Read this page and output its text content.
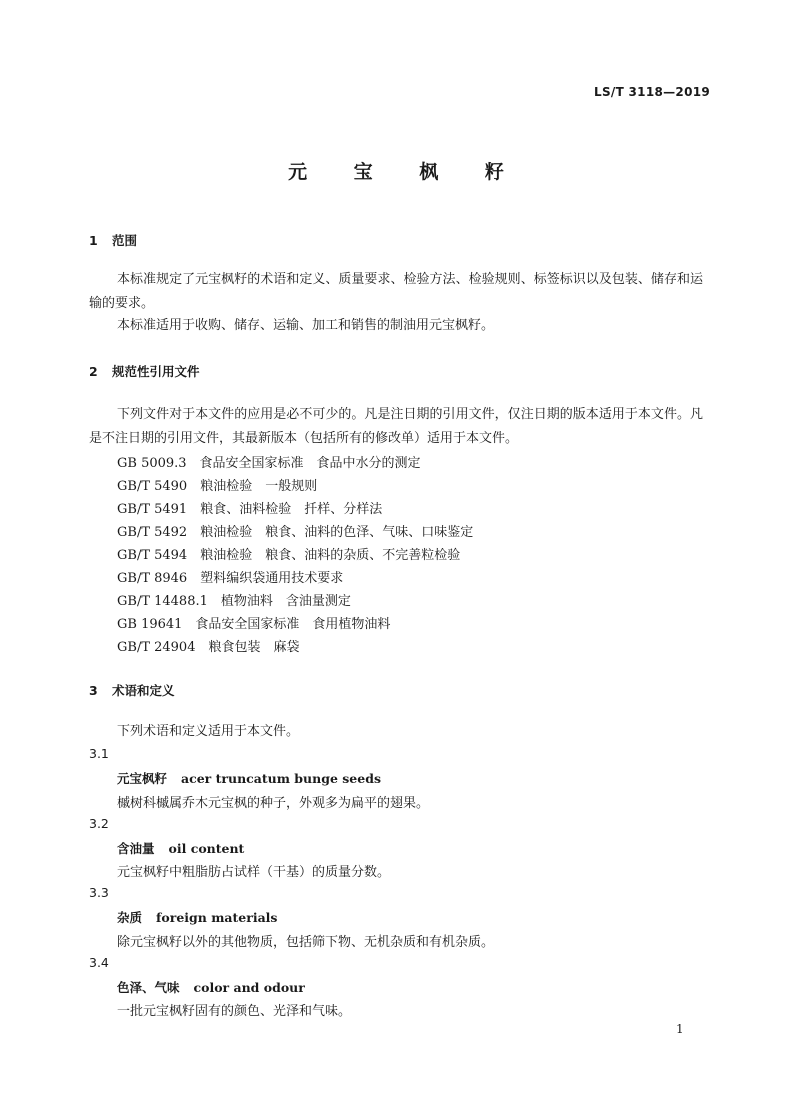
LS/T 3118—2019
元 宝 枫 籽
1 范围
本标准规定了元宝枫籽的术语和定义、质量要求、检验方法、检验规则、标签标识以及包装、储存和运输的要求。
本标准适用于收购、储存、运输、加工和销售的制油用元宝枫籽。
2 规范性引用文件
下列文件对于本文件的应用是必不可少的。凡是注日期的引用文件，仅注日期的版本适用于本文件。凡是不注日期的引用文件，其最新版本（包括所有的修改单）适用于本文件。
GB 5009.3　食品安全国家标准　食品中水分的测定
GB/T 5490　粮油检验　一般规则
GB/T 5491　粮食、油料检验　扦样、分样法
GB/T 5492　粮油检验　粮食、油料的色泽、气味、口味鉴定
GB/T 5494　粮油检验　粮食、油料的杂质、不完善粒检验
GB/T 8946　塑料编织袋通用技术要求
GB/T 14488.1　植物油料　含油量测定
GB 19641　食品安全国家标准　食用植物油料
GB/T 24904　粮食包装　麻袋
3 术语和定义
下列术语和定义适用于本文件。
3.1
元宝枫籽 acer truncatum bunge seeds
槭树科槭属乔木元宝枫的种子，外观多为扁平的翅果。
3.2
含油量 oil content
元宝枫籽中粗脂肪占试样（干基）的质量分数。
3.3
杂质 foreign materials
除元宝枫籽以外的其他物质，包括筛下物、无机杂质和有机杂质。
3.4
色泽、气味 color and odour
一批元宝枫籽固有的颜色、光泽和气味。
1
